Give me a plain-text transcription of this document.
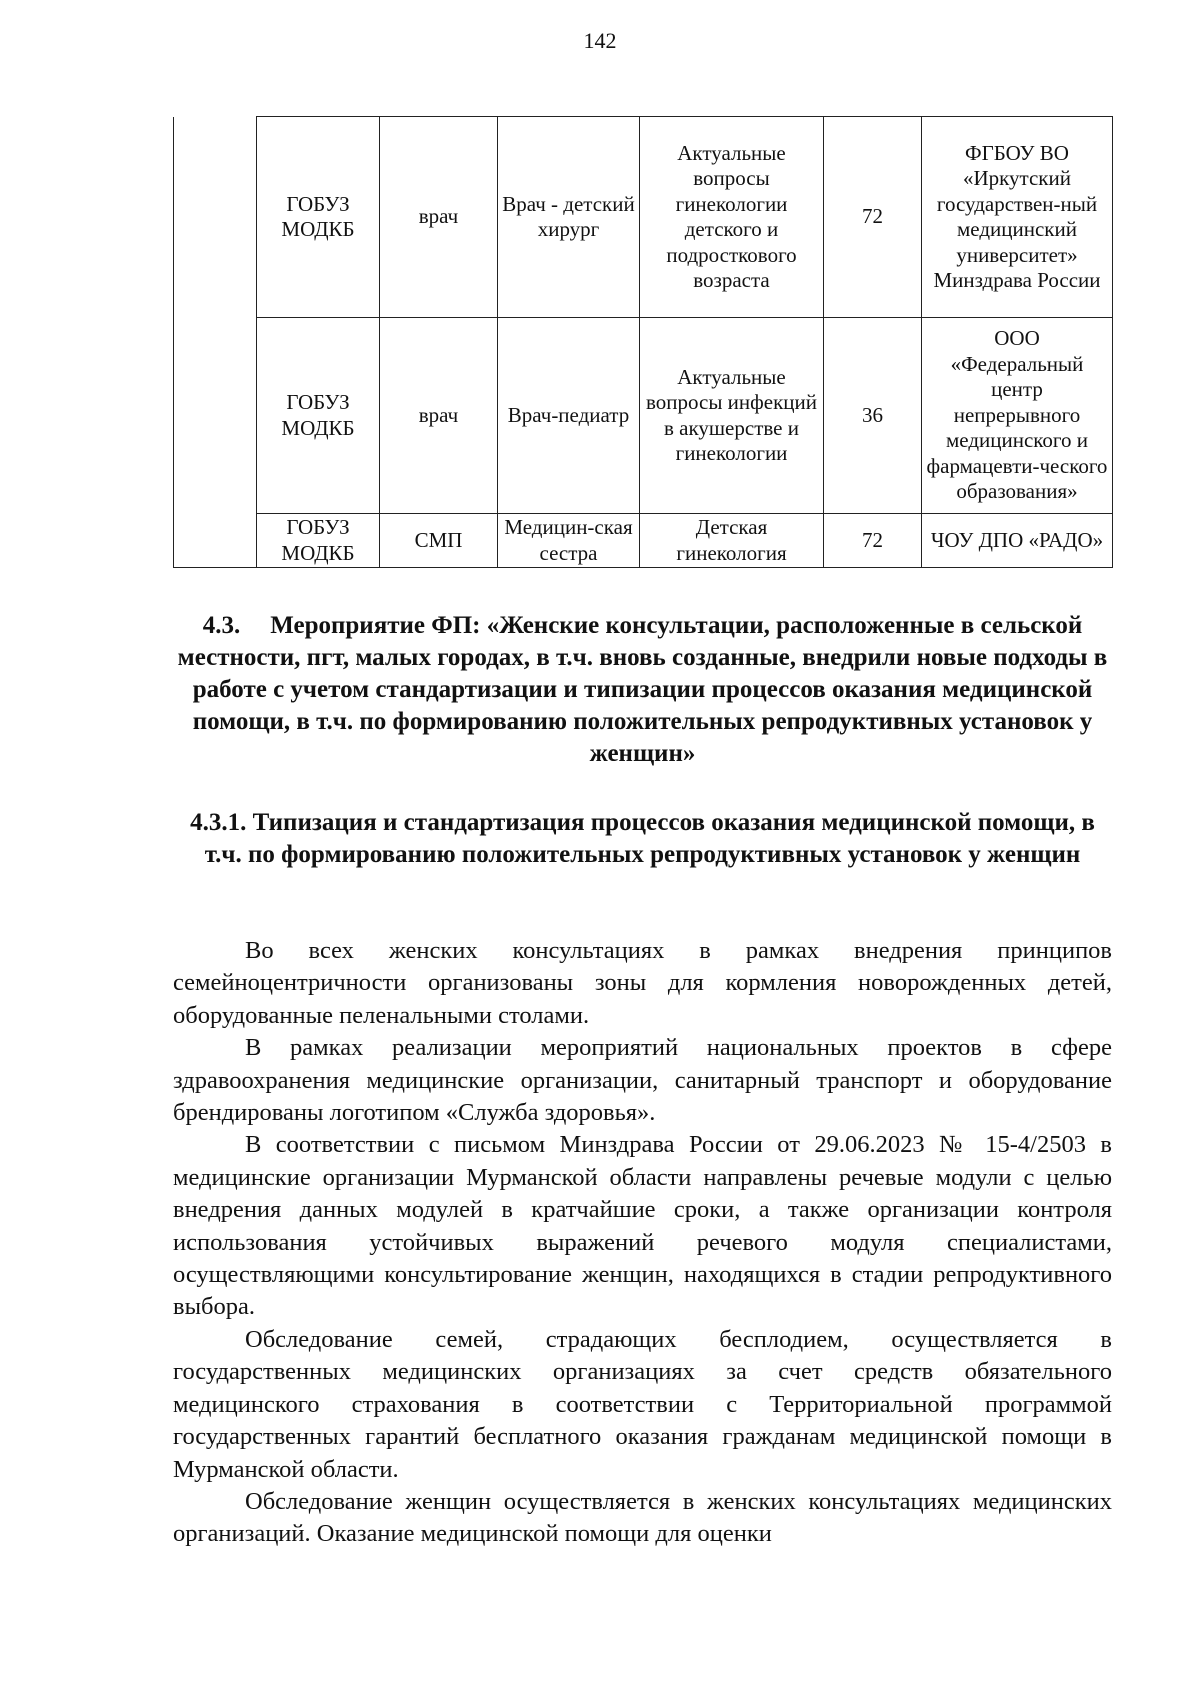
142
	ГОБУЗ МОДКБ	врач	Врач - детский хирург	Актуальные вопросы гинекологии детского и подросткового возраста	72	ФГБОУ ВО «Иркутский государствен-ный медицинский университет» Минздрава России
	ГОБУЗ МОДКБ	врач	Врач-педиатр	Актуальные вопросы инфекций в акушерстве и гинекологии	36	ООО «Федеральный центр непрерывного медицинского и фармацевти-ческого образования»
	ГОБУЗ МОДКБ	СМП	Медицин-ская сестра	Детская гинекология	72	ЧОУ ДПО «РАДО»
4.3. Мероприятие ФП: «Женские консультации, расположенные в сельской местности, пгт, малых городах, в т.ч. вновь созданные, внедрили новые подходы в работе с учетом стандартизации и типизации процессов оказания медицинской помощи, в т.ч. по формированию положительных репродуктивных установок у женщин»
4.3.1. Типизация и стандартизация процессов оказания медицинской помощи, в т.ч. по формированию положительных репродуктивных установок у женщин

Во всех женских консультациях в рамках внедрения принципов семейноцентричности организованы зоны для кормления новорожденных детей, оборудованные пеленальными столами.

В рамках реализации мероприятий национальных проектов в сфере здравоохранения медицинские организации, санитарный транспорт и оборудование брендированы логотипом «Служба здоровья».

В соответствии с письмом Минздрава России от 29.06.2023 № 15-4/2503 в медицинские организации Мурманской области направлены речевые модули с целью внедрения данных модулей в кратчайшие сроки, а также организации контроля использования устойчивых выражений речевого модуля специалистами, осуществляющими консультирование женщин, находящихся в стадии репродуктивного выбора.

Обследование семей, страдающих бесплодием, осуществляется в государственных медицинских организациях за счет средств обязательного медицинского страхования в соответствии с Территориальной программой государственных гарантий бесплатного оказания гражданам медицинской помощи в Мурманской области.

Обследование женщин осуществляется в женских консультациях медицинских организаций. Оказание медицинской помощи для оценки
